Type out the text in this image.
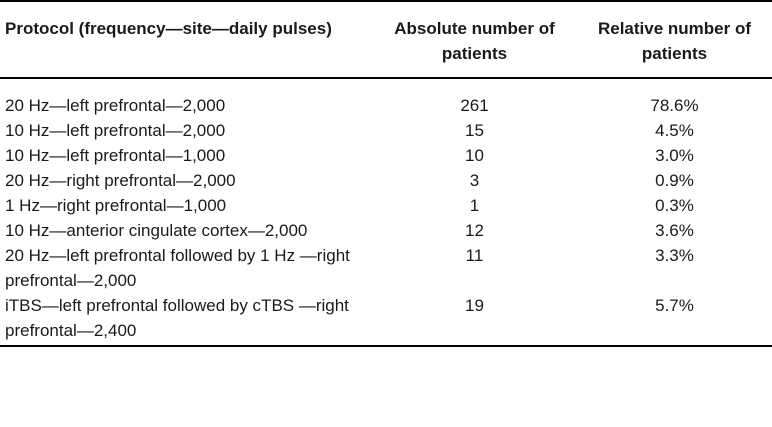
Protocol (frequency—site—daily pulses)	Absolute number of patients	Relative number of patients
20 Hz—left prefrontal—2,000	261	78.6%
10 Hz—left prefrontal—2,000	15	4.5%
10 Hz—left prefrontal—1,000	10	3.0%
20 Hz—right prefrontal—2,000	3	0.9%
1 Hz—right prefrontal—1,000	1	0.3%
10 Hz—anterior cingulate cortex—2,000	12	3.6%
20 Hz—left prefrontal followed by 1 Hz —right prefrontal—2,000	11	3.3%
iTBS—left prefrontal followed by cTBS —right prefrontal—2,400	19	5.7%
